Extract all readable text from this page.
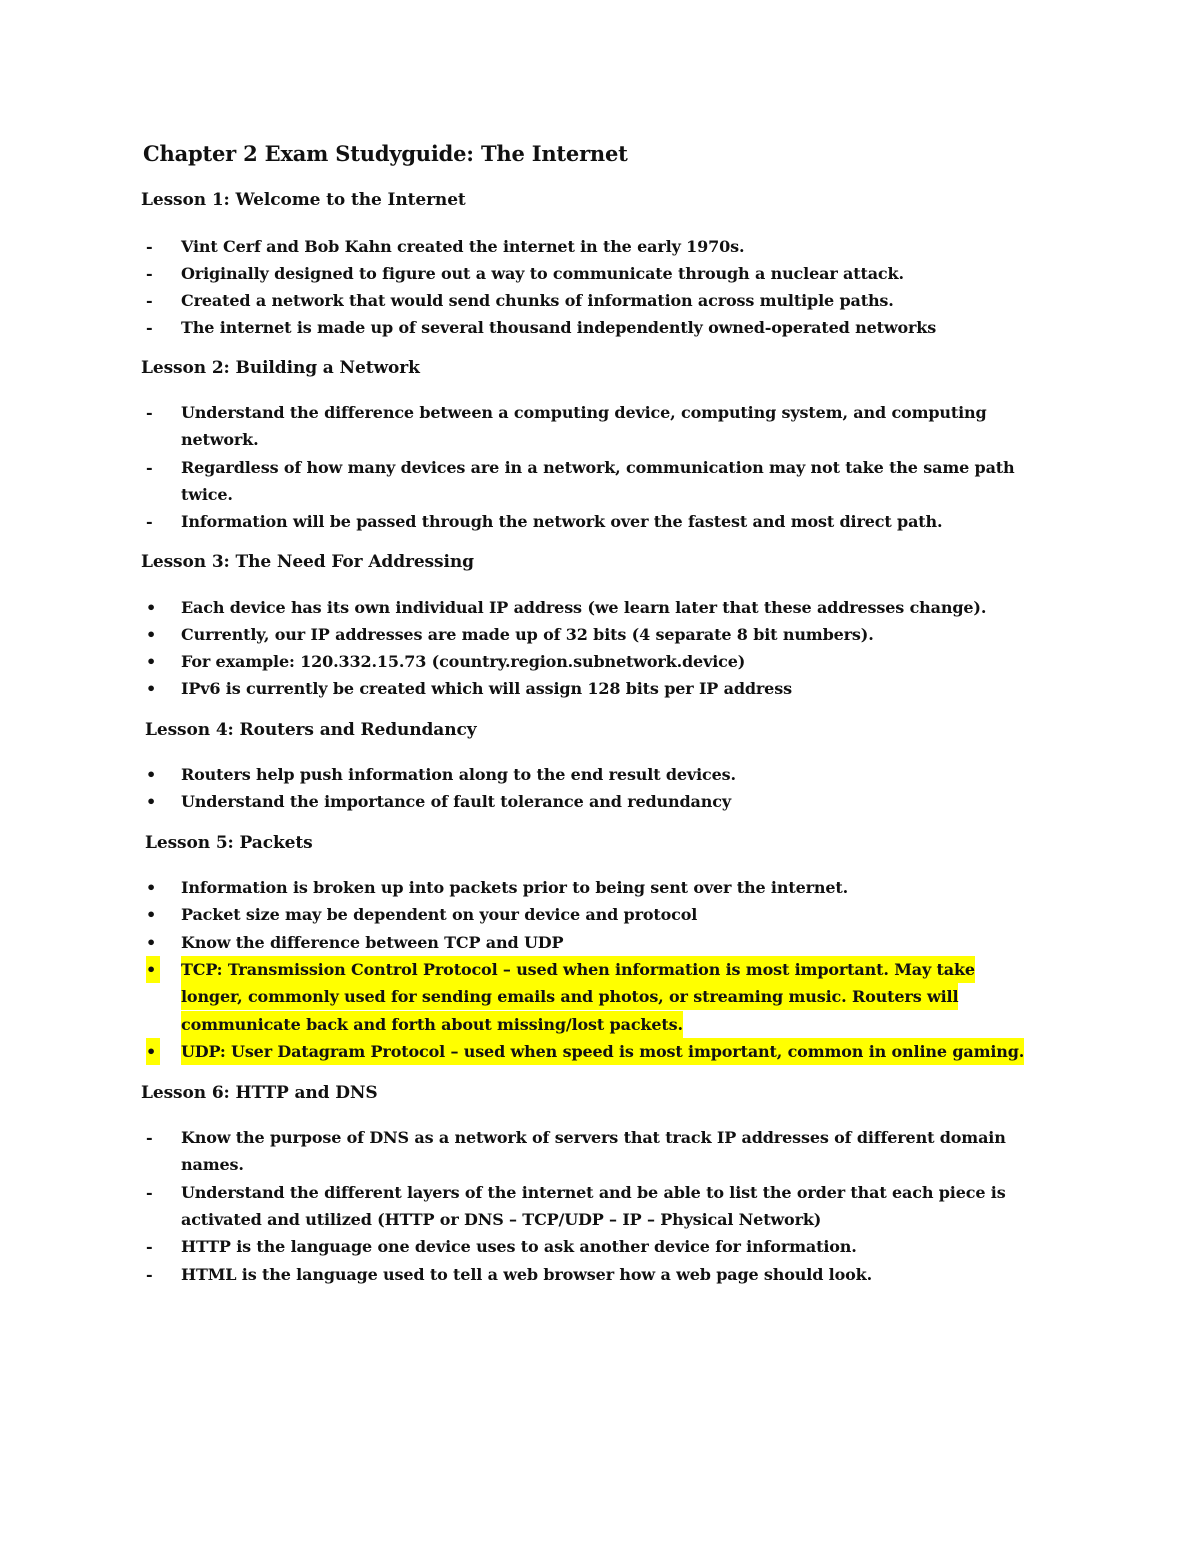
Chapter 2 Exam Studyguide: The Internet
Lesson 1: Welcome to the Internet
- Vint Cerf and Bob Kahn created the internet in the early 1970s.
- Originally designed to figure out a way to communicate through a nuclear attack.
- Created a network that would send chunks of information across multiple paths.
- The internet is made up of several thousand independently owned-operated networks
Lesson 2: Building a Network
- Understand the difference between a computing device, computing system, and computing
network.
- Regardless of how many devices are in a network, communication may not take the same path
twice.
- Information will be passed through the network over the fastest and most direct path.
Lesson 3: The Need For Addressing
• Each device has its own individual IP address (we learn later that these addresses change).
• Currently, our IP addresses are made up of 32 bits (4 separate 8 bit numbers).
• For example: 120.332.15.73 (country.region.subnetwork.device)
• IPv6 is currently be created which will assign 128 bits per IP address
Lesson 4: Routers and Redundancy
• Routers help push information along to the end result devices.
• Understand the importance of fault tolerance and redundancy
Lesson 5: Packets
• Information is broken up into packets prior to being sent over the internet.
• Packet size may be dependent on your device and protocol
• Know the difference between TCP and UDP
• TCP: Transmission Control Protocol – used when information is most important. May take
longer, commonly used for sending emails and photos, or streaming music. Routers will
communicate back and forth about missing/lost packets.
• UDP: User Datagram Protocol – used when speed is most important, common in online gaming.
Lesson 6: HTTP and DNS
- Know the purpose of DNS as a network of servers that track IP addresses of different domain
names.
- Understand the different layers of the internet and be able to list the order that each piece is
activated and utilized (HTTP or DNS – TCP/UDP – IP – Physical Network)
- HTTP is the language one device uses to ask another device for information.
- HTML is the language used to tell a web browser how a web page should look.
